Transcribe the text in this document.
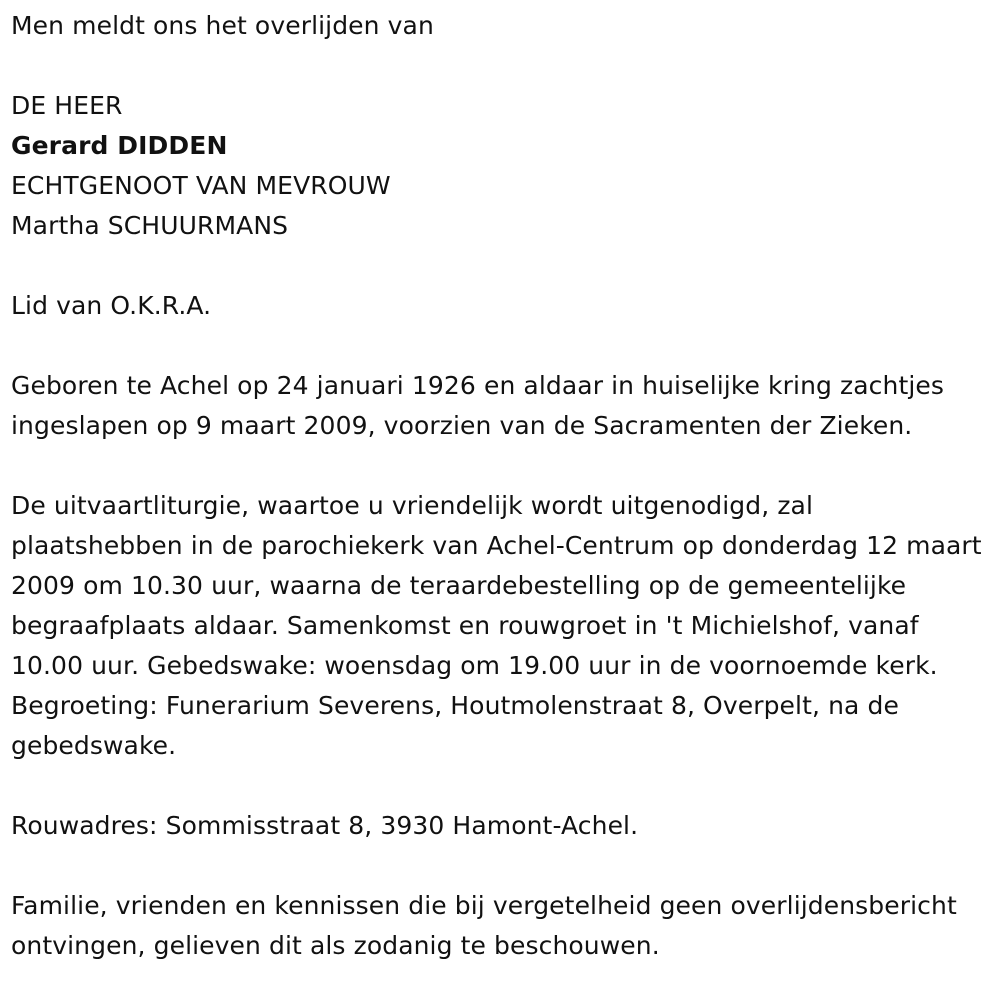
Men meldt ons het overlijden van
DE HEER
Gerard DIDDEN
ECHTGENOOT VAN MEVROUW
Martha SCHUURMANS
Lid van O.K.R.A.
Geboren te Achel op 24 januari 1926 en aldaar in huiselijke kring zachtjes ingeslapen op 9 maart 2009, voorzien van de Sacramenten der Zieken.
De uitvaartliturgie, waartoe u vriendelijk wordt uitgenodigd, zal plaatshebben in de parochiekerk van Achel-Centrum op donderdag 12 maart 2009 om 10.30 uur, waarna de teraardebestelling op de gemeentelijke begraafplaats aldaar. Samenkomst en rouwgroet in 't Michielshof, vanaf 10.00 uur. Gebedswake: woensdag om 19.00 uur in de voornoemde kerk. Begroeting: Funerarium Severens, Houtmolenstraat 8, Overpelt, na de gebedswake.
Rouwadres: Sommisstraat 8, 3930 Hamont-Achel.
Familie, vrienden en kennissen die bij vergetelheid geen overlijdensbericht ontvingen, gelieven dit als zodanig te beschouwen.
